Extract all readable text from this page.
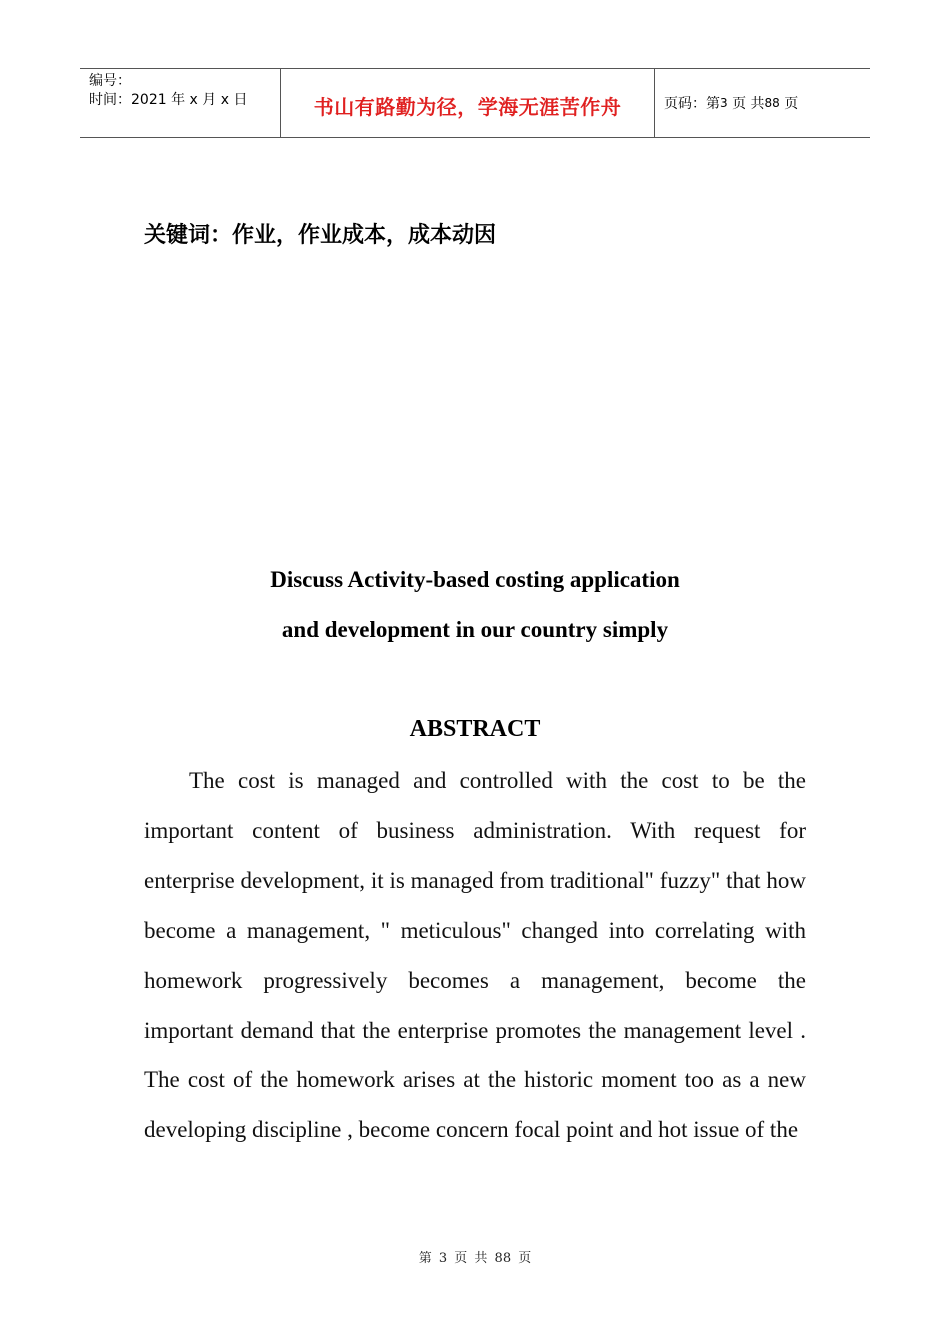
编号：
时间：2021 年 x 月 x 日	书山有路勤为径，学海无涯苦作舟	页码：第 3
页 共 88
页
关键词：作业，作业成本，成本动因
Discuss Activity-based costing application
and development in our country simply
ABSTRACT

The cost is managed and controlled with the cost to be the important content of business administration. With request for enterprise development, it is managed from traditional" fuzzy" that how become a management, " meticulous" changed into correlating with homework progressively becomes a management, become the important demand that the enterprise promotes the management level . The cost of the homework arises at the historic moment too as a new developing discipline , become concern focal point and hot issue of the

第 3 页 共 88 页
